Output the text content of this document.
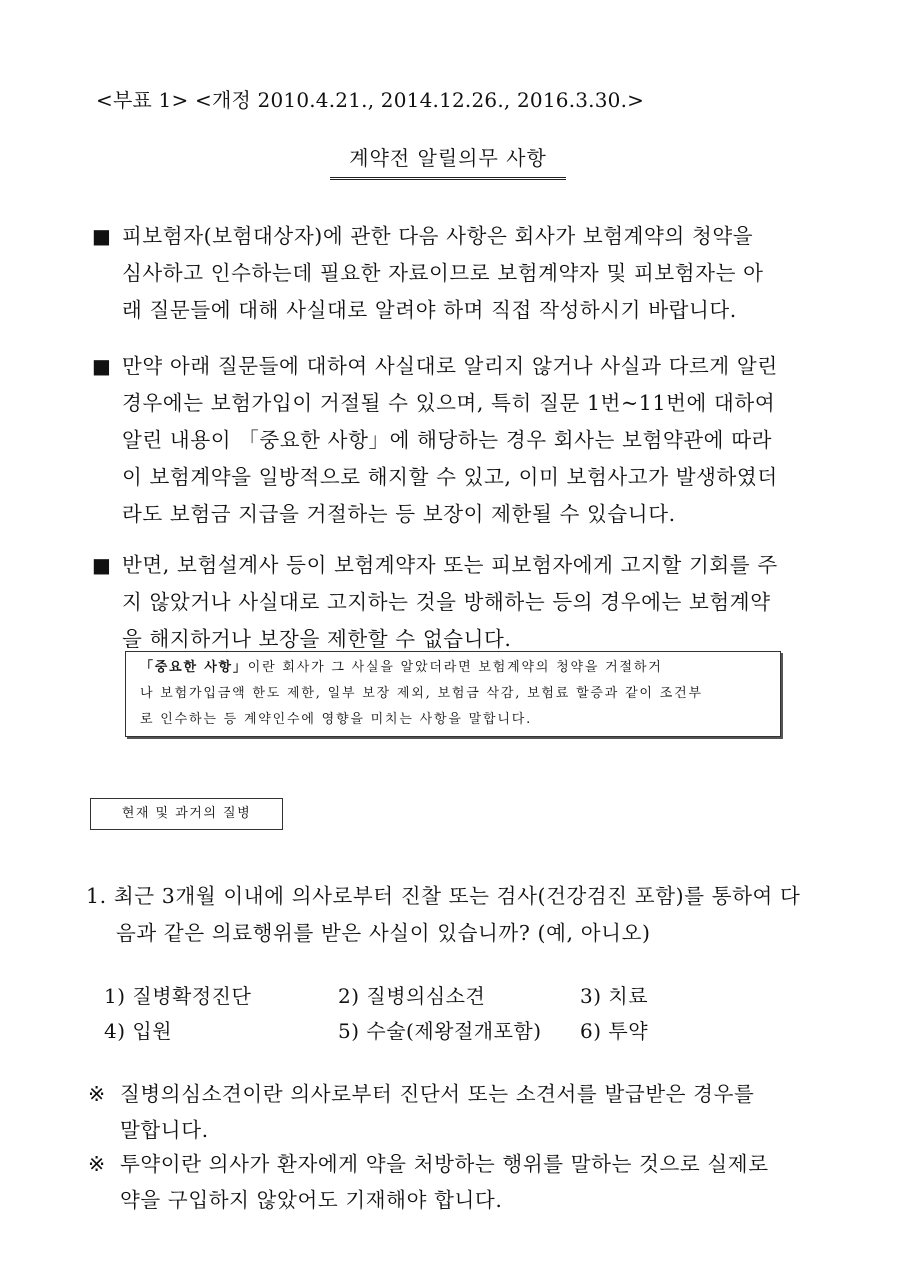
<부표 1> <개정 2010.4.21., 2014.12.26., 2016.3.30.>
계약전 알릴의무 사항
■ 피보험자(보험대상자)에 관한 다음 사항은 회사가 보험계약의 청약을
심사하고 인수하는데 필요한 자료이므로 보험계약자 및 피보험자는 아
래 질문들에 대해 사실대로 알려야 하며 직접 작성하시기 바랍니다.
■ 만약 아래 질문들에 대하여 사실대로 알리지 않거나 사실과 다르게 알린
경우에는 보험가입이 거절될 수 있으며, 특히 질문 1번~11번에 대하여
알린 내용이 「중요한 사항」에 해당하는 경우 회사는 보험약관에 따라
이 보험계약을 일방적으로 해지할 수 있고, 이미 보험사고가 발생하였더
라도 보험금 지급을 거절하는 등 보장이 제한될 수 있습니다.
■ 반면, 보험설계사 등이 보험계약자 또는 피보험자에게 고지할 기회를 주
지 않았거나 사실대로 고지하는 것을 방해하는 등의 경우에는 보험계약
을 해지하거나 보장을 제한할 수 없습니다.
「중요한 사항」이란 회사가 그 사실을 알았더라면 보험계약의 청약을 거절하거
나 보험가입금액 한도 제한, 일부 보장 제외, 보험금 삭감, 보험료 할증과 같이 조건부
로 인수하는 등 계약인수에 영향을 미치는 사항을 말합니다.
현재 및 과거의 질병
1. 최근 3개월 이내에 의사로부터 진찰 또는 검사(건강검진 포함)를 통하여 다
음과 같은 의료행위를 받은 사실이 있습니까? (예, 아니오)
1) 질병확정진단	2) 질병의심소견	3) 치료
4) 입원	5) 수술(제왕절개포함) 6) 투약
※ 질병의심소견이란 의사로부터 진단서 또는 소견서를 발급받은 경우를
말합니다.
※ 투약이란 의사가 환자에게 약을 처방하는 행위를 말하는 것으로 실제로
약을 구입하지 않았어도 기재해야 합니다.
